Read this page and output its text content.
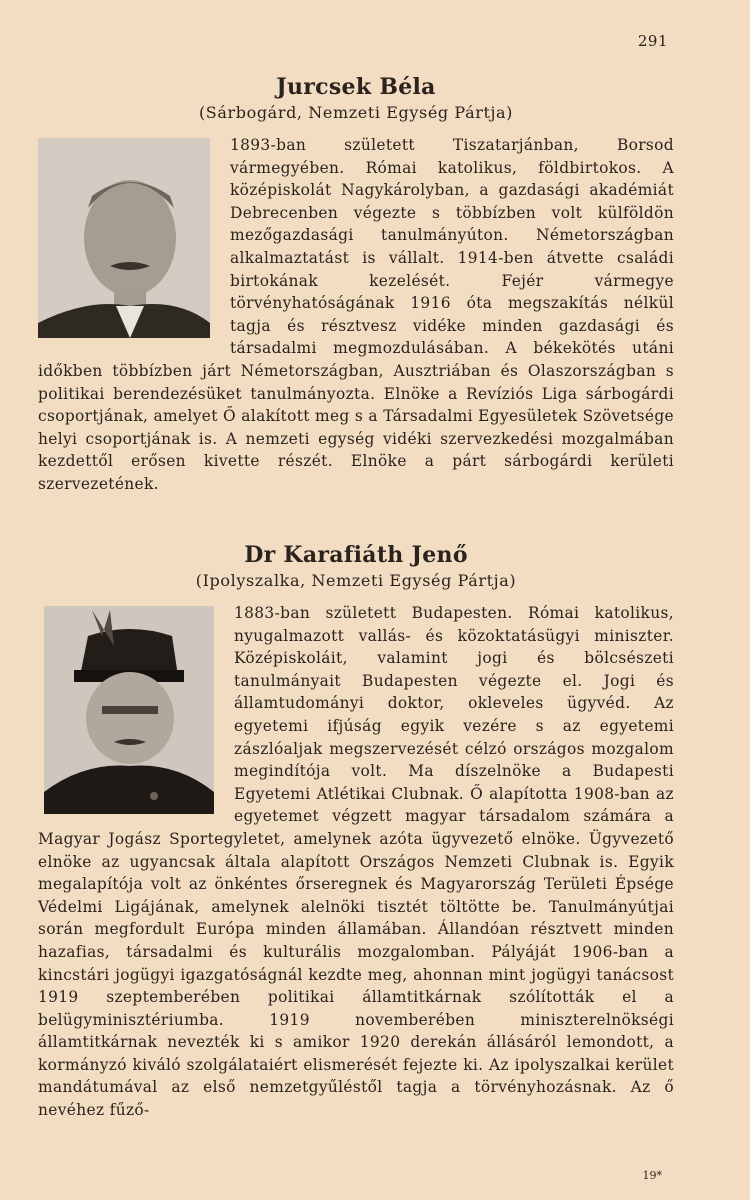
291
Jurcsek Béla

(Sárbogárd, Nemzeti Egység Pártja)

1893-ban született Tiszatarjánban, Borsod vármegyében. Római katolikus, földbirtokos. A középiskolát Nagykárolyban, a gazdasági akadémiát Debrecenben végezte s többízben volt külföldön mezőgazdasági tanulmányúton. Németországban alkalmaztatást is vállalt. 1914-ben átvette családi birtokának kezelését. Fejér vármegye törvényhatóságának 1916 óta megszakítás nélkül tagja és résztvesz vidéke minden gazdasági és társadalmi megmozdulásában. A békekötés utáni időkben többízben járt Németországban, Ausztriában és Olaszországban s politikai berendezésüket tanulmányozta. Elnöke a Revíziós Liga sárbogárdi csoportjának, amelyet Ő alakított meg s a Társadalmi Egyesületek Szövetsége helyi csoportjának is. A nemzeti egység vidéki szervezkedési mozgalmában kezdettől erősen kivette részét. Elnöke a párt sárbogárdi kerületi szervezetének.

Dr Karafiáth Jenő

(Ipolyszalka, Nemzeti Egység Pártja)

1883-ban született Budapesten. Római katolikus, nyugalmazott vallás- és közoktatásügyi miniszter. Középiskoláit, valamint jogi és bölcsészeti tanulmányait Budapesten végezte el. Jogi és államtudományi doktor, okleveles ügyvéd. Az egyetemi ifjúság egyik vezére s az egyetemi zászlóaljak megszervezését célzó országos mozgalom megindítója volt. Ma díszelnöke a Budapesti Egyetemi Atlétikai Clubnak. Ő alapította 1908-ban az egyetemet végzett magyar társadalom számára a Magyar Jogász Sportegyletet, amelynek azóta ügyvezető elnöke. Ügyvezető elnöke az ugyancsak általa alapított Országos Nemzeti Clubnak is. Egyik megalapítója volt az önkéntes őrseregnek és Magyarország Területi Épsége Védelmi Ligájának, amelynek alelnöki tisztét töltötte be. Tanulmányútjai során megfordult Európa minden államában. Állandóan résztvett minden hazafias, társadalmi és kulturális mozgalomban. Pályáját 1906-ban a kincstári jogügyi igazgatóságnál kezdte meg, ahonnan mint jogügyi tanácsost 1919 szeptemberében politikai államtitkárnak szólították el a belügyminisztériumba. 1919 novemberében miniszterelnökségi államtitkárnak nevezték ki s amikor 1920 derekán állásáról lemondott, a kormányzó kiváló szolgálataiért elismerését fejezte ki. Az ipolyszalkai kerület mandátumával az első nemzetgyűléstől tagja a törvényhozásnak. Az ő nevéhez fűző-

19*
